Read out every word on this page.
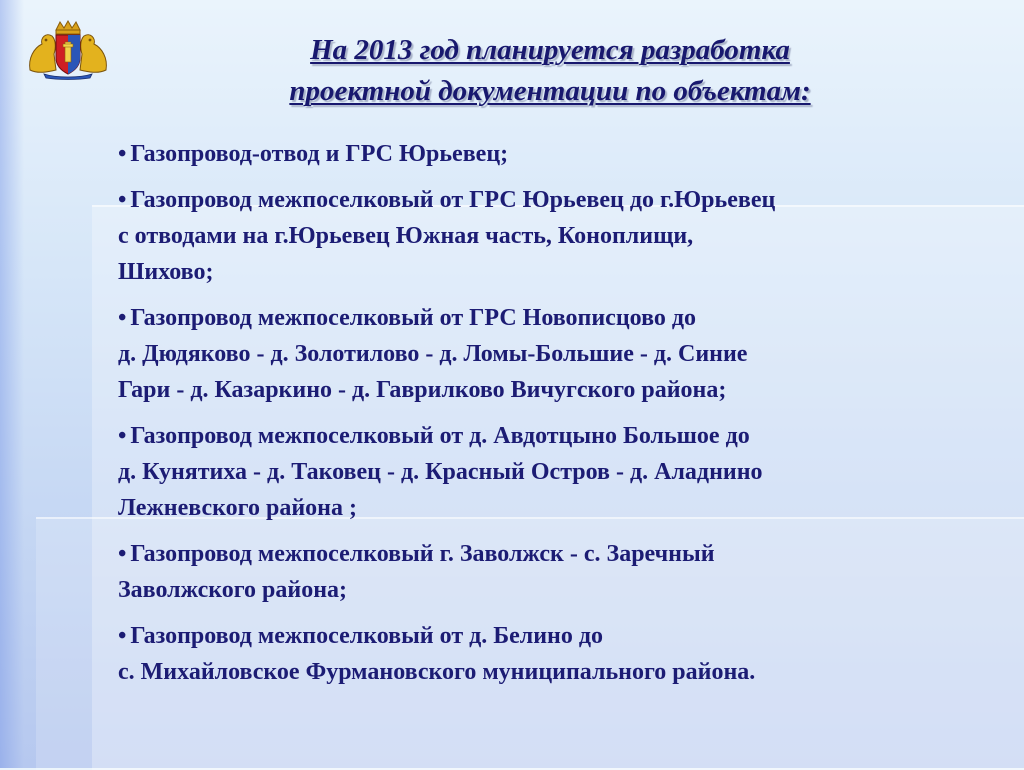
На 2013 год планируется разработка
проектной документации по объектам:
• Газопровод-отвод и ГРС Юрьевец;
• Газопровод межпоселковый от ГРС Юрьевец до г.Юрьевец
с отводами на г.Юрьевец Южная часть, Коноплищи,
Шихово;
• Газопровод межпоселковый от ГРС Новописцово до
д. Дюдяково - д. Золотилово - д. Ломы-Большие - д. Синие
Гари - д. Казаркино - д. Гаврилково Вичугского района;
• Газопровод межпоселковый от д. Авдотцыно Большое до
д. Кунятиха - д. Таковец - д. Красный Остров - д. Аладнино
Лежневского района ;
• Газопровод межпоселковый г. Заволжск - с. Заречный
Заволжского района;
• Газопровод межпоселковый от д. Белино до
с. Михайловское Фурмановского муниципального района.
